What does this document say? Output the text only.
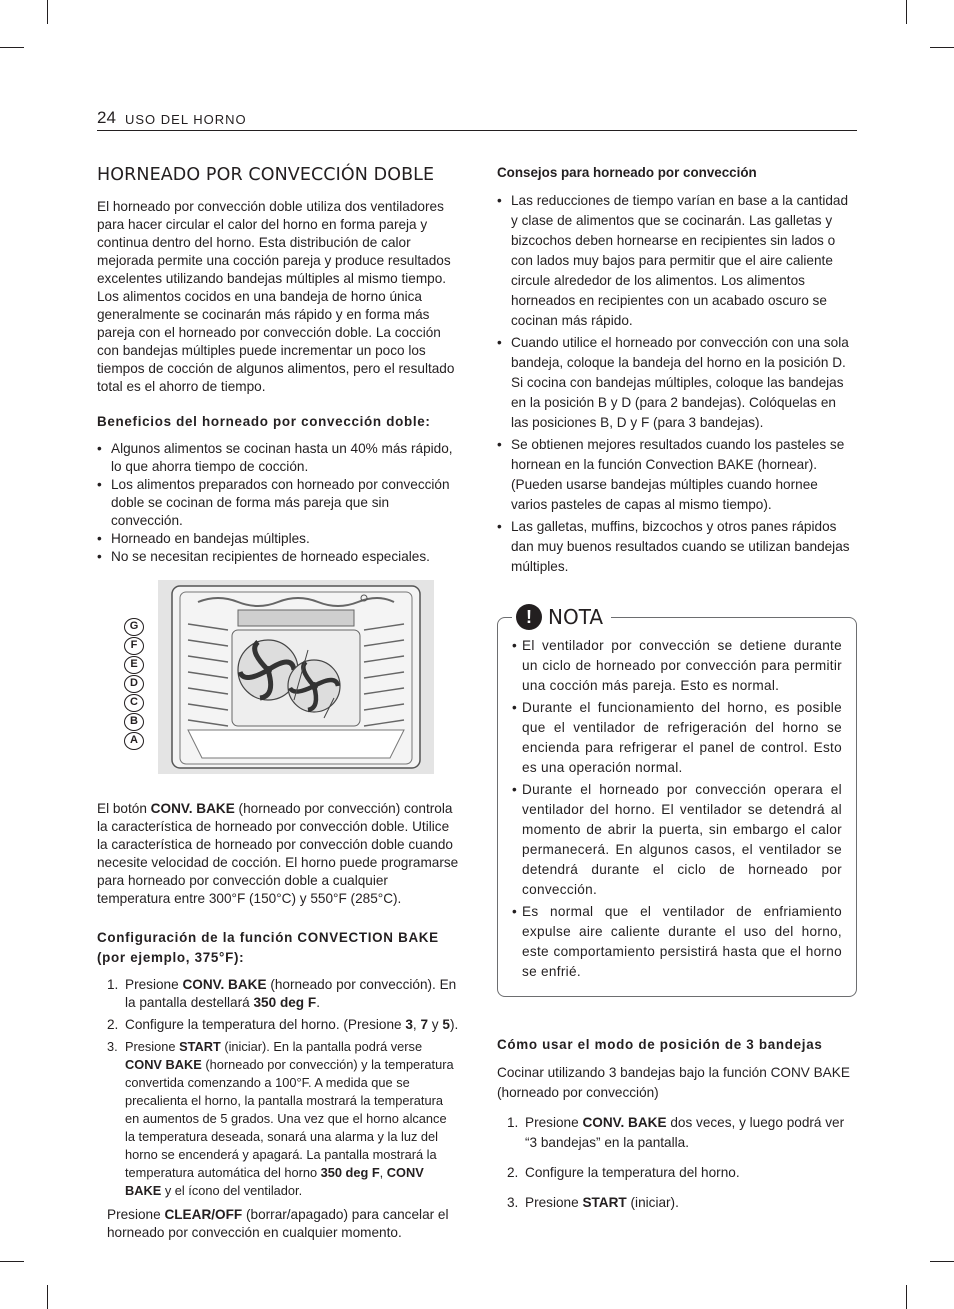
24 USO DEL HORNO
HORNEADO POR CONVECCIÓN DOBLE

El horneado por convección doble utiliza dos ventiladores para hacer circular el calor del horno en forma pareja y continua dentro del horno. Esta distribución de calor mejorada permite una cocción pareja y produce resultados excelentes utilizando bandejas múltiples al mismo tiempo. Los alimentos cocidos en una bandeja de horno única generalmente se cocinarán más rápido y en forma más pareja con el horneado por convección doble. La cocción con bandejas múltiples puede incrementar un poco los tiempos de cocción de algunos alimentos, pero el resultado total es el ahorro de tiempo.

Beneficios del horneado por convección doble:
• Algunos alimentos se cocinan hasta un 40% más rápido, lo que ahorra tiempo de cocción.
• Los alimentos preparados con horneado por convección doble se cocinan de forma más pareja que sin convección.
• Horneado en bandejas múltiples.
• No se necesitan recipientes de horneado especiales.
G
F
E
D
C
B
A

El botón CONV. BAKE (horneado por convección) controla la característica de horneado por convección doble. Utilice la característica de horneado por convección doble cuando necesite velocidad de cocción. El horno puede programarse para horneado por convección doble a cualquier temperatura entre 300°F (150°C) y 550°F (285°C).

Configuración de la función CONVECTION BAKE (por ejemplo, 375°F):
1. Presione CONV. BAKE (horneado por convección). En la pantalla destellará 350 deg F.
2. Configure la temperatura del horno. (Presione 3, 7 y 5).
3. Presione START (iniciar). En la pantalla podrá verse CONV BAKE (horneado por convección) y la temperatura convertida comenzando a 100°F. A medida que se precalienta el horno, la pantalla mostrará la temperatura en aumentos de 5 grados. Una vez que el horno alcance la temperatura deseada, sonará una alarma y la luz del horno se encenderá y apagará. La pantalla mostrará la temperatura automática del horno 350 deg F, CONV BAKE y el ícono del ventilador.

Presione CLEAR/OFF (borrar/apagado) para cancelar el horneado por convección en cualquier momento.

Consejos para horneado por convección
• Las reducciones de tiempo varían en base a la cantidad y clase de alimentos que se cocinarán. Las galletas y bizcochos deben hornearse en recipientes sin lados o con lados muy bajos para permitir que el aire caliente circule alrededor de los alimentos. Los alimentos horneados en recipientes con un acabado oscuro se cocinan más rápido.
• Cuando utilice el horneado por convección con una sola bandeja, coloque la bandeja del horno en la posición D. Si cocina con bandejas múltiples, coloque las bandejas en la posición B y D (para 2 bandejas). Colóquelas en las posiciones B, D y F (para 3 bandejas).
• Se obtienen mejores resultados cuando los pasteles se hornean en la función Convection BAKE (hornear). (Pueden usarse bandejas múltiples cuando hornee varios pasteles de capas al mismo tiempo).
• Las galletas, muffins, bizcochos y otros panes rápidos dan muy buenos resultados cuando se utilizan bandejas múltiples.
! NOTA
• El ventilador por convección se detiene durante un ciclo de horneado por convección para permitir una cocción más pareja. Esto es normal.
• Durante el funcionamiento del horno, es posible que el ventilador de refrigeración del horno se encienda para refrigerar el panel de control. Esto es una operación normal.
• Durante el horneado por convección operara el ventilador del horno. El ventilador se detendrá al momento de abrir la puerta, sin embargo el calor permanecerá. En algunos casos, el ventilador se detendrá durante el ciclo de horneado por convección.
• Es normal que el ventilador de enfriamiento expulse aire caliente durante el uso del horno, este comportamiento persistirá hasta que el horno se enfrié.
Cómo usar el modo de posición de 3 bandejas

Cocinar utilizando 3 bandejas bajo la función CONV BAKE (horneado por convección)

1. Presione CONV. BAKE dos veces, y luego podrá ver “3 bandejas” en la pantalla.
2. Configure la temperatura del horno.
3. Presione START (iniciar).
